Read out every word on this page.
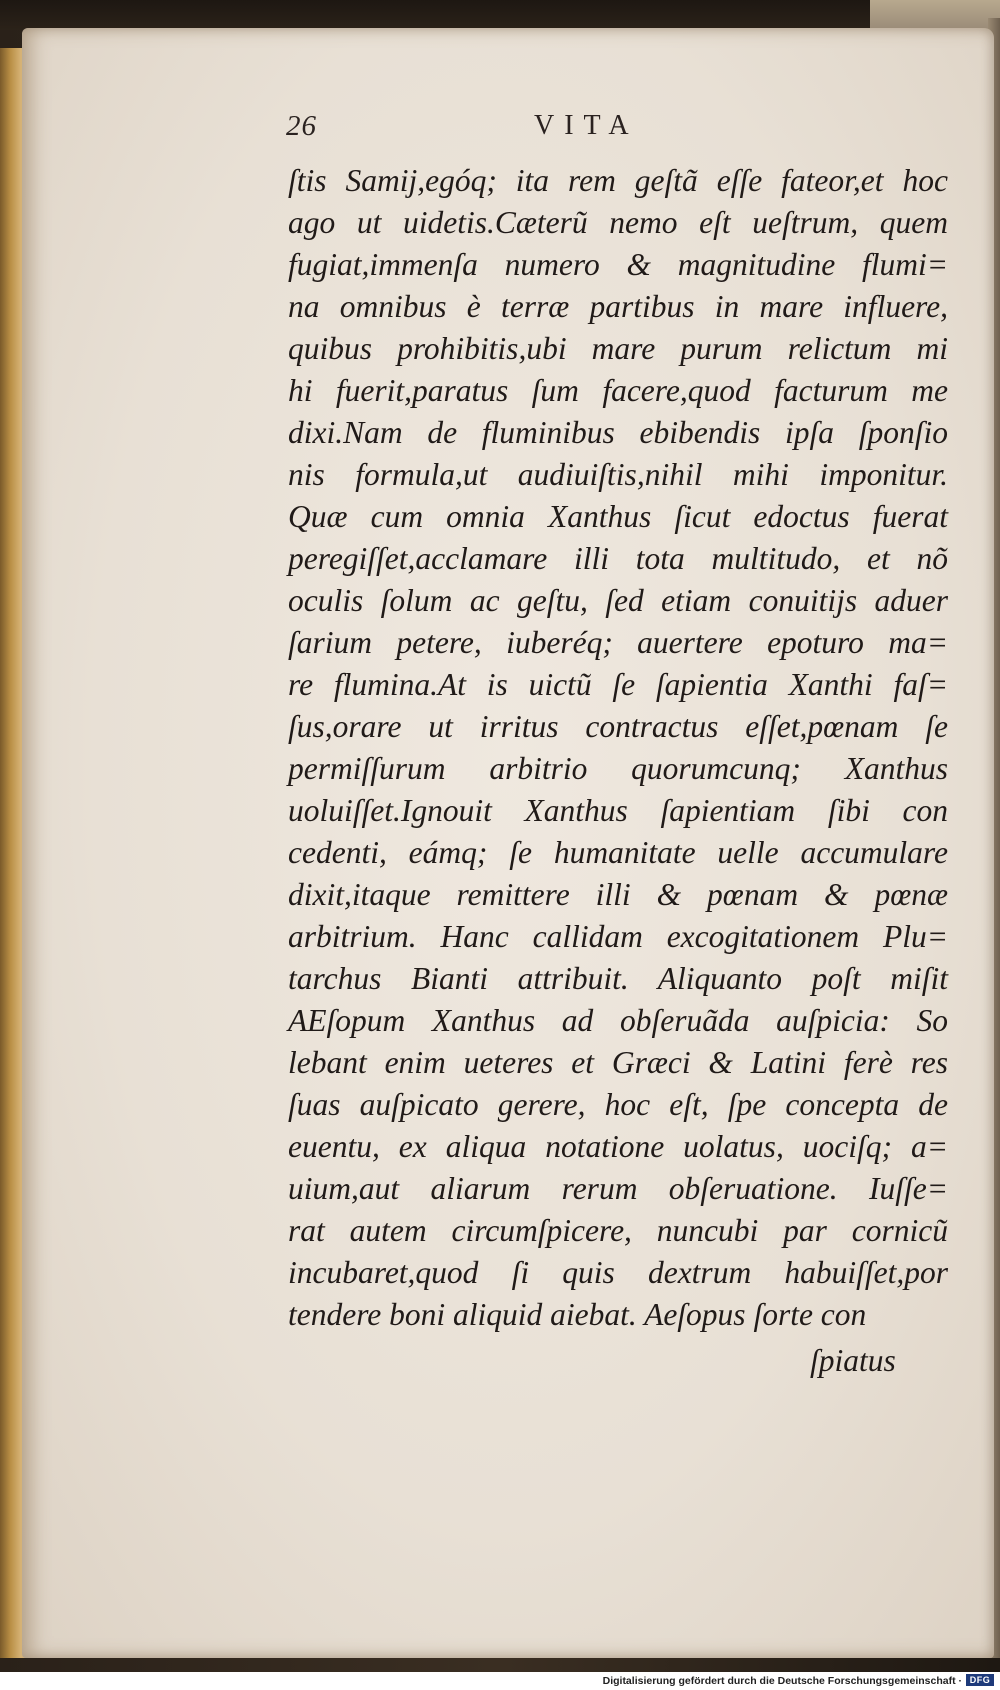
26	VITA
ſtis Samij,egóq; ita rem geſtã eſſe fateor,et hoc
ago ut uidetis.Cæterũ nemo eſt ueſtrum, quem
fugiat,immenſa numero & magnitudine flumi=
na omnibus è terræ partibus in mare influere,
quibus prohibitis,ubi mare purum relictum mi
hi fuerit,paratus ſum facere,quod facturum me
dixi.Nam de fluminibus ebibendis ipſa ſponſio
nis formula,ut audiuiſtis,nihil mihi imponitur.
Quæ cum omnia Xanthus ſicut edoctus fuerat
peregiſſet,acclamare illi tota multitudo, et nõ
oculis ſolum ac geſtu, ſed etiam conuitijs aduer
ſarium petere, iuberéq; auertere epoturo ma=
re flumina.At is uictũ ſe ſapientia Xanthi faſ=
ſus,orare ut irritus contractus eſſet,pœnam ſe
permiſſurum arbitrio quorumcunq; Xanthus
uoluiſſet.Ignouit Xanthus ſapientiam ſibi con
cedenti, eámq; ſe humanitate uelle accumulare
dixit,itaque remittere illi & pœnam & pœnæ
arbitrium. Hanc callidam excogitationem Plu=
tarchus Bianti attribuit. Aliquanto poſt miſit
AEſopum Xanthus ad obſeruãda auſpicia: So
lebant enim ueteres et Græci & Latini ferè res
ſuas auſpicato gerere, hoc eſt, ſpe concepta de
euentu, ex aliqua notatione uolatus, uociſq; a=
uium,aut aliarum rerum obſeruatione. Iuſſe=
rat autem circumſpicere, nuncubi par cornicũ
incubaret,quod ſi quis dextrum habuiſſet,por
tendere boni aliquid aiebat. Aeſopus ſorte con
ſpiatus
Digitalisierung gefördert durch die Deutsche Forschungsgemeinschaft · DFG
